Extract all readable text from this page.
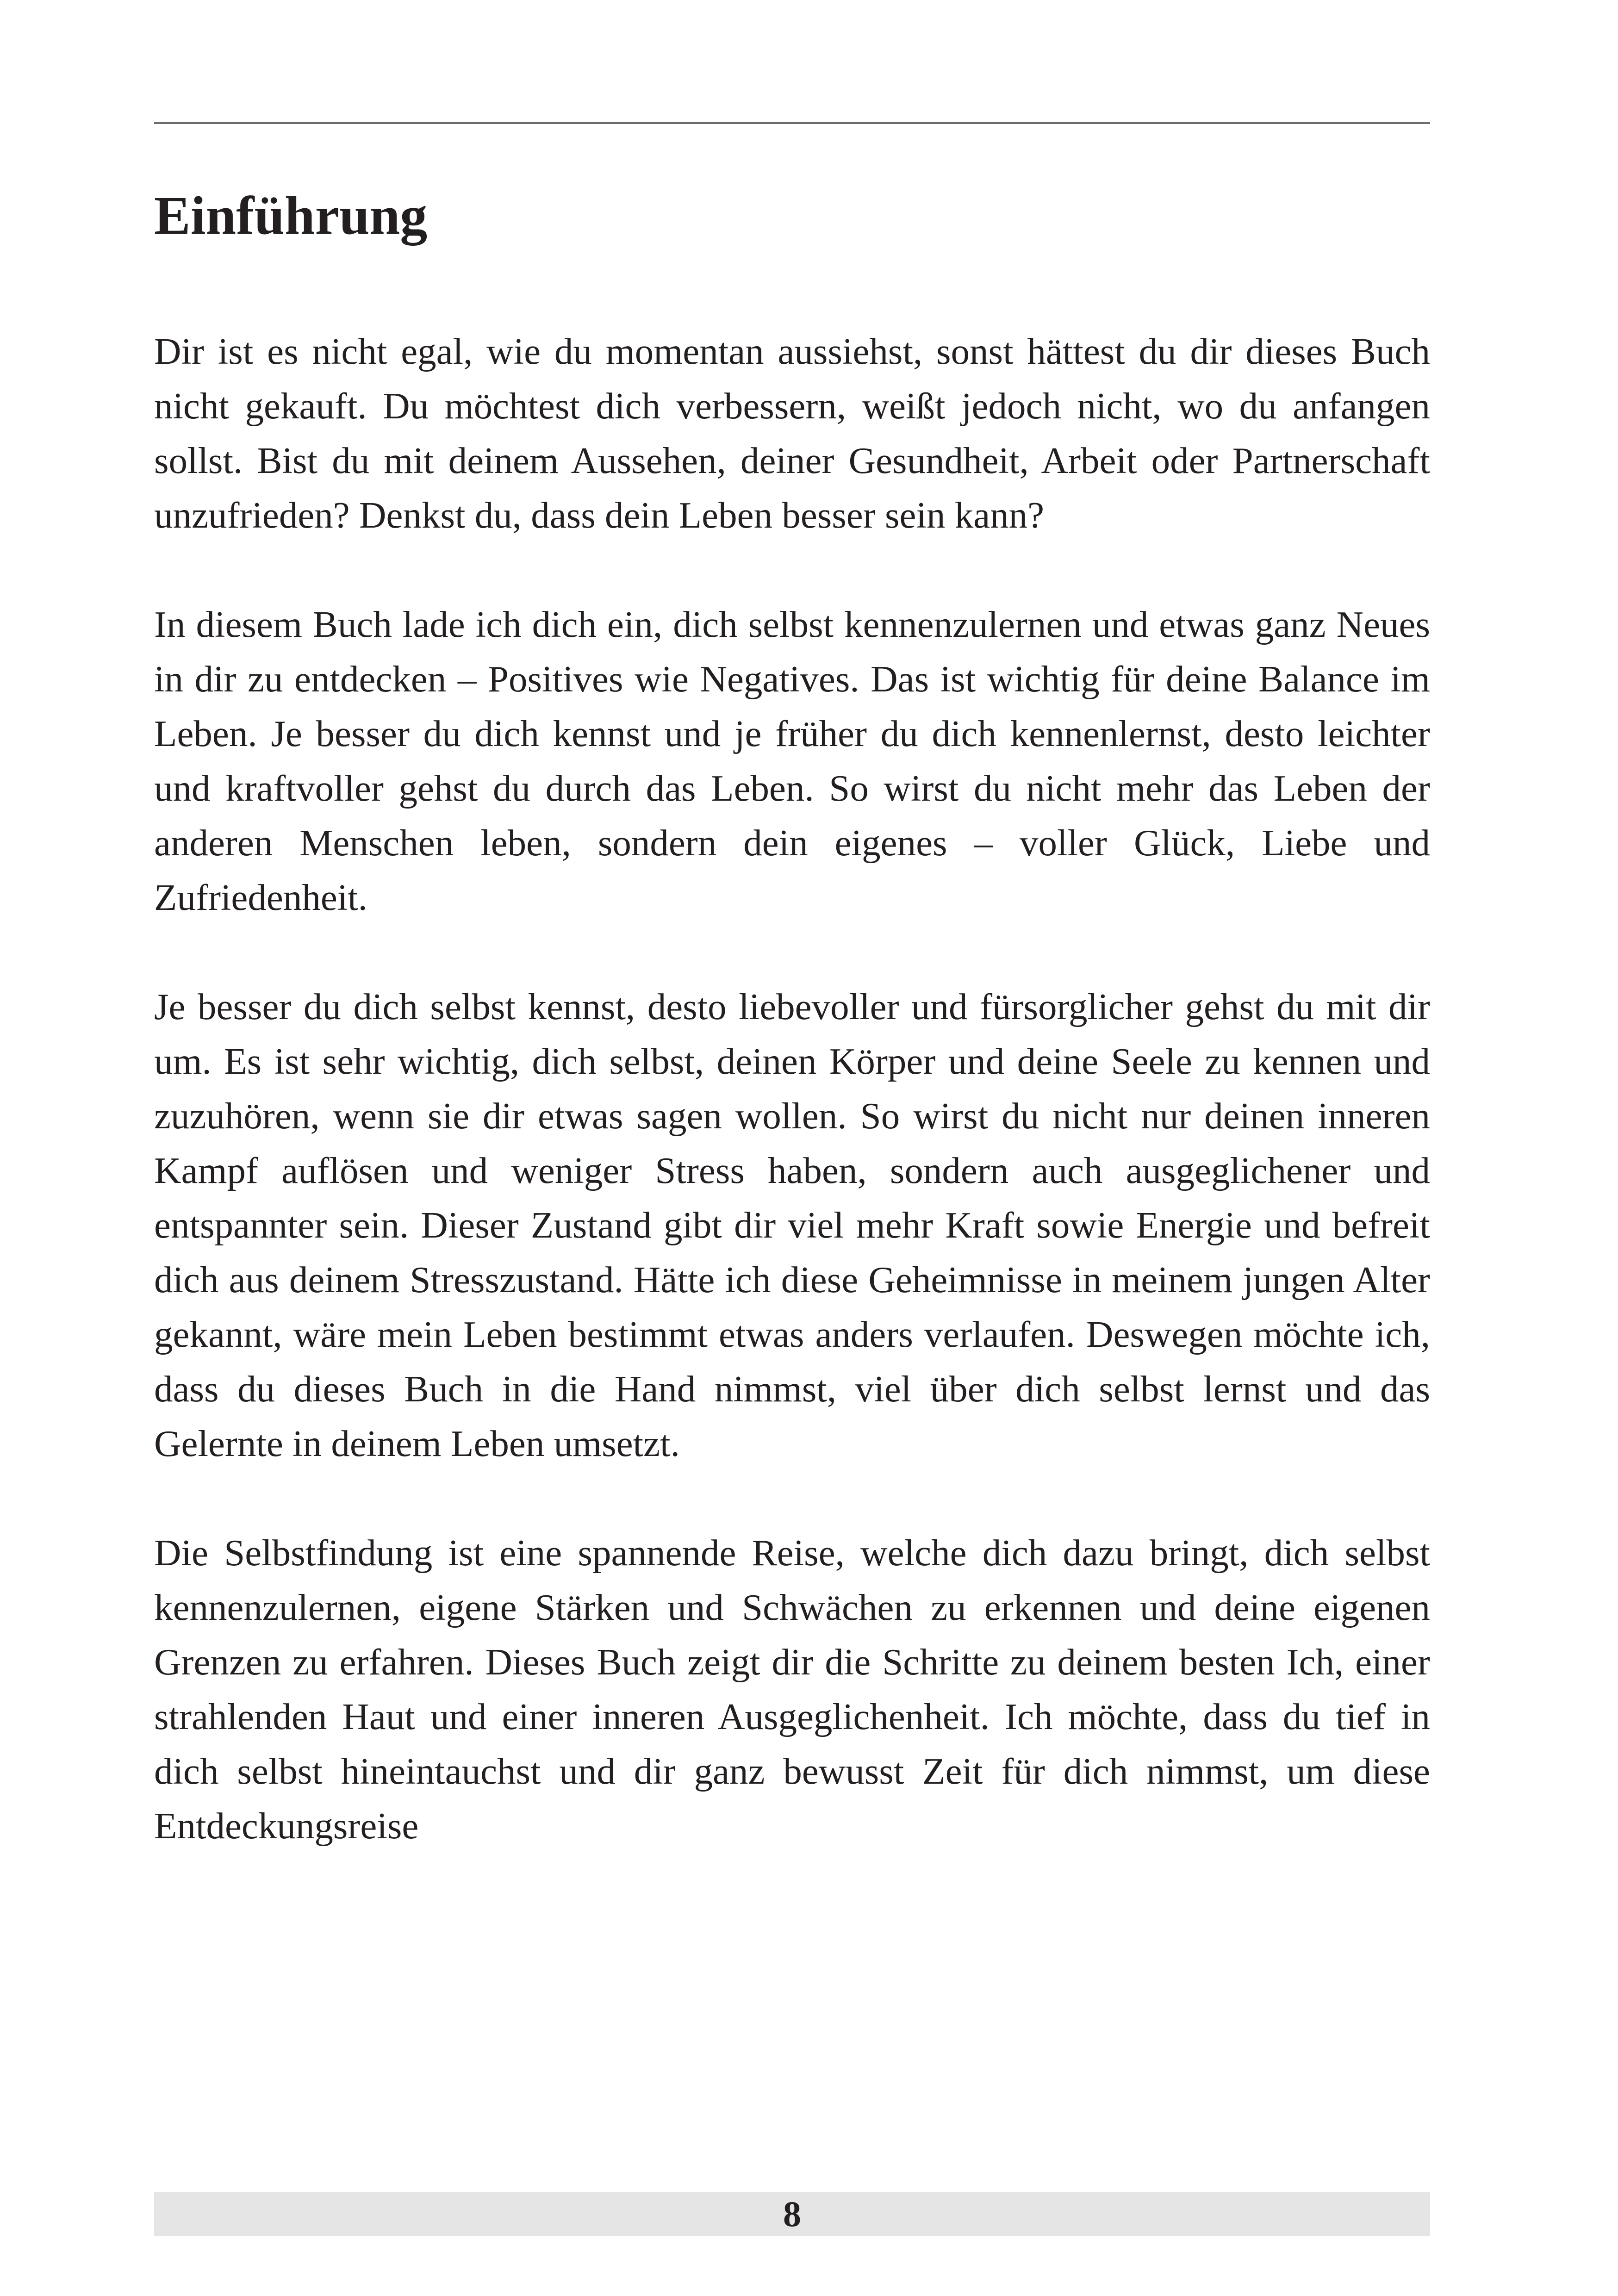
Einführung

Dir ist es nicht egal, wie du momentan aussiehst, sonst hättest du dir dieses Buch nicht gekauft. Du möchtest dich verbessern, weißt jedoch nicht, wo du anfangen sollst. Bist du mit deinem Aussehen, deiner Gesundheit, Arbeit oder Partnerschaft unzufrieden? Denkst du, dass dein Leben besser sein kann?

In diesem Buch lade ich dich ein, dich selbst kennenzulernen und etwas ganz Neues in dir zu entdecken – Positives wie Negatives. Das ist wichtig für deine Balance im Leben. Je besser du dich kennst und je früher du dich kennenlernst, desto leichter und kraftvoller gehst du durch das Leben. So wirst du nicht mehr das Leben der anderen Menschen leben, sondern dein eigenes – voller Glück, Liebe und Zufriedenheit.

Je besser du dich selbst kennst, desto liebevoller und fürsorglicher gehst du mit dir um. Es ist sehr wichtig, dich selbst, deinen Körper und deine Seele zu kennen und zuzuhören, wenn sie dir etwas sagen wollen. So wirst du nicht nur deinen inneren Kampf auflösen und weniger Stress haben, sondern auch ausgeglichener und entspannter sein. Dieser Zustand gibt dir viel mehr Kraft sowie Energie und befreit dich aus deinem Stresszustand. Hätte ich diese Geheimnisse in meinem jungen Alter gekannt, wäre mein Leben bestimmt etwas anders verlaufen. Deswegen möchte ich, dass du dieses Buch in die Hand nimmst, viel über dich selbst lernst und das Gelernte in deinem Leben umsetzt.

Die Selbstfindung ist eine spannende Reise, welche dich dazu bringt, dich selbst kennenzulernen, eigene Stärken und Schwächen zu erkennen und deine eigenen Grenzen zu erfahren. Dieses Buch zeigt dir die Schritte zu deinem besten Ich, einer strahlenden Haut und einer inneren Ausgeglichenheit. Ich möchte, dass du tief in dich selbst hineintauchst und dir ganz bewusst Zeit für dich nimmst, um diese Entdeckungsreise

8
